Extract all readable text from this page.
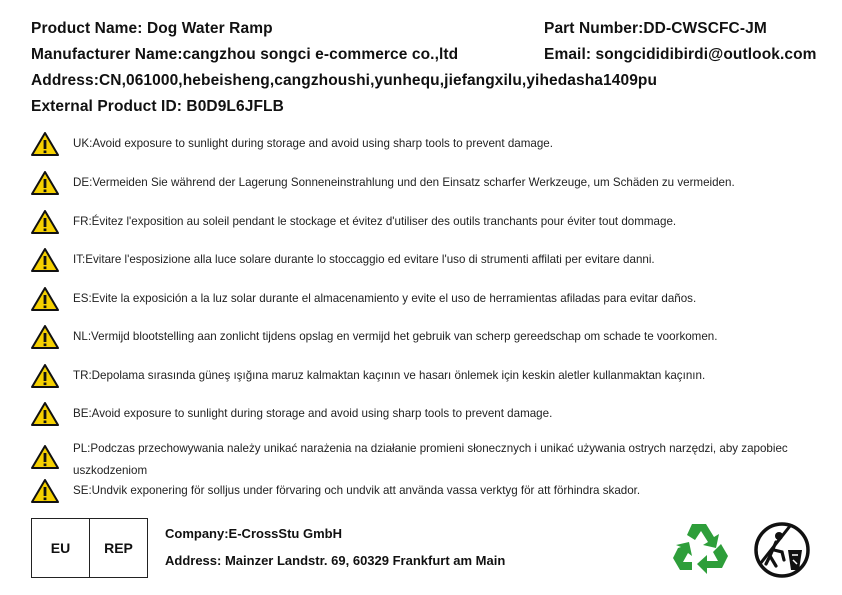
Product Name: Dog Water Ramp	Part Number:DD-CWSCFC-JM
Manufacturer Name:cangzhou songci e-commerce co.,ltd	Email: songcididibirdi@outlook.com
Address:CN,061000,hebeisheng,cangzhoushi,yunhequ,jiefangxilu,yihedasha1409pu
External Product ID: B0D9L6JFLB
UK:Avoid exposure to sunlight during storage and avoid using sharp tools to prevent damage.
DE:Vermeiden Sie während der Lagerung Sonneneinstrahlung und den Einsatz scharfer Werkzeuge, um Schäden zu vermeiden.
FR:Évitez l'exposition au soleil pendant le stockage et évitez d'utiliser des outils tranchants pour éviter tout dommage.
IT:Evitare l'esposizione alla luce solare durante lo stoccaggio ed evitare l'uso di strumenti affilati per evitare danni.
ES:Evite la exposición a la luz solar durante el almacenamiento y evite el uso de herramientas afiladas para evitar daños.
NL:Vermijd blootstelling aan zonlicht tijdens opslag en vermijd het gebruik van scherp gereedschap om schade te voorkomen.
TR:Depolama sırasında güneş ışığına maruz kalmaktan kaçının ve hasarı önlemek için keskin aletler kullanmaktan kaçının.
BE:Avoid exposure to sunlight during storage and avoid using sharp tools to prevent damage.
PL:Podczas przechowywania należy unikać narażenia na działanie promieni słonecznych i unikać używania ostrych narzędzi, aby zapobiec uszkodzeniom
SE:Undvik exponering för solljus under förvaring och undvik att använda vassa verktyg för att förhindra skador.
EU	REP
Company:E-CrossStu GmbH
Address: Mainzer Landstr. 69, 60329 Frankfurt am Main
